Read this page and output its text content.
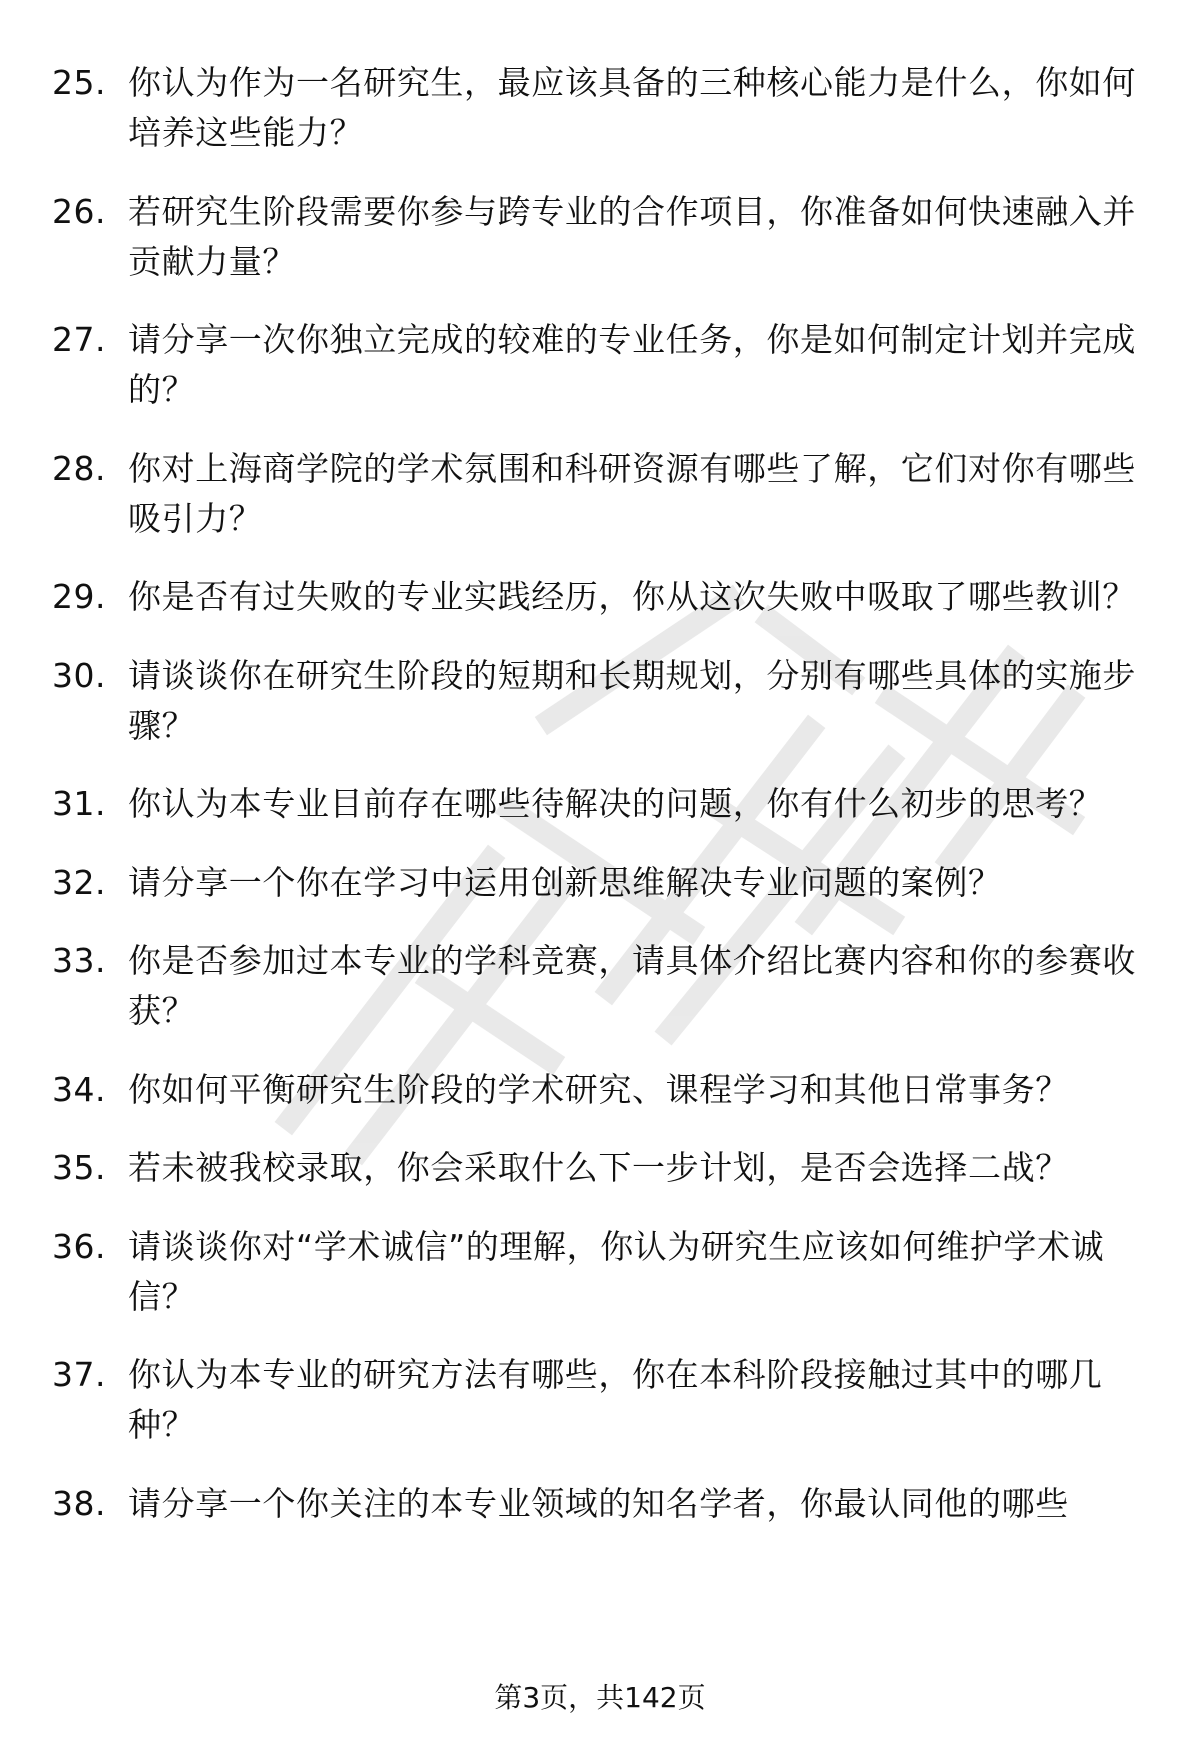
25. 你认为作为一名研究生，最应该具备的三种核心能力是什么，你如何培养这些能力？
26. 若研究生阶段需要你参与跨专业的合作项目，你准备如何快速融入并贡献力量？
27. 请分享一次你独立完成的较难的专业任务，你是如何制定计划并完成的？
28. 你对上海商学院的学术氛围和科研资源有哪些了解，它们对你有哪些吸引力？
29. 你是否有过失败的专业实践经历，你从这次失败中吸取了哪些教训？
30. 请谈谈你在研究生阶段的短期和长期规划，分别有哪些具体的实施步骤？
31. 你认为本专业目前存在哪些待解决的问题，你有什么初步的思考？
32. 请分享一个你在学习中运用创新思维解决专业问题的案例？
33. 你是否参加过本专业的学科竞赛，请具体介绍比赛内容和你的参赛收获？
34. 你如何平衡研究生阶段的学术研究、课程学习和其他日常事务？
35. 若未被我校录取，你会采取什么下一步计划，是否会选择二战？
36. 请谈谈你对“学术诚信”的理解，你认为研究生应该如何维护学术诚信？
37. 你认为本专业的研究方法有哪些，你在本科阶段接触过其中的哪几种？
38. 请分享一个你关注的本专业领域的知名学者，你最认同他的哪些
第3页，共142页
